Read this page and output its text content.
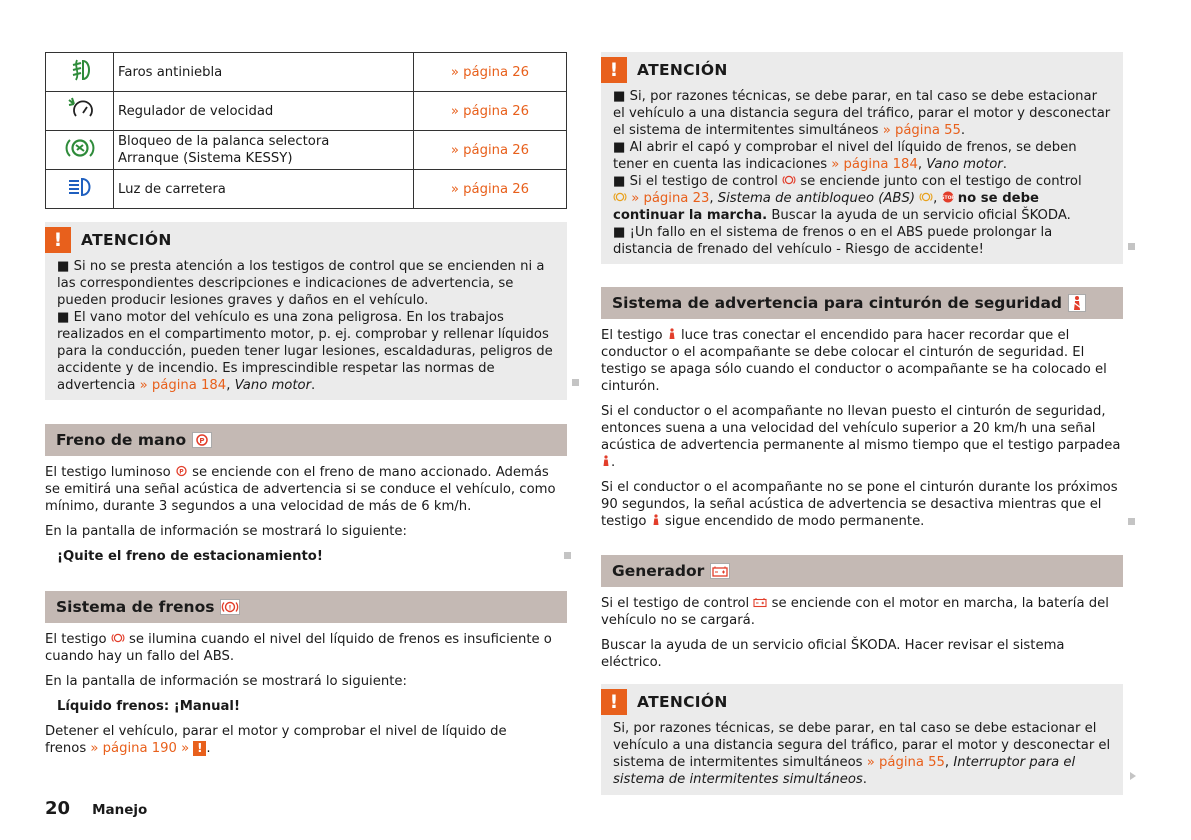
	Faros antiniebla	» página 26
	Regulador de velocidad	» página 26

Bloqueo de la palanca selectora
Arranque (Sistema KESSY)	» página 26
	Luz de carretera	» página 26
!	ATENCIÓN

■ Si no se presta atención a los testigos de control que se encienden ni a las correspondientes descripciones e indicaciones de advertencia, se pueden producir lesiones graves y daños en el vehículo.

■ El vano motor del vehículo es una zona peligrosa. En los trabajos realizados en el compartimento motor, p. ej. comprobar y rellenar líquidos para la conducción, pueden tener lugar lesiones, escaldaduras, peligros de accidente y de incendio. Es imprescindible respetar las normas de advertencia » página 184, Vano motor.

Freno de mano P

El testigo luminoso P se enciende con el freno de mano accionado. Además se emitirá una señal acústica de advertencia si se conduce el vehículo, como mínimo, durante 3 segundos a una velocidad de más de 6 km/h.

En la pantalla de información se mostrará lo siguiente:

¡Quite el freno de estacionamiento!

Sistema de frenos !

El testigo  se ilumina cuando el nivel del líquido de frenos es insuficiente o cuando hay un fallo del ABS.

En la pantalla de información se mostrará lo siguiente:

Líquido frenos: ¡Manual!

Detener el vehículo, parar el motor y comprobar el nivel de líquido de frenos » página 190 » ! .

!	ATENCIÓN

■ Si, por razones técnicas, se debe parar, en tal caso se debe estacionar el vehículo a una distancia segura del tráfico, parar el motor y desconectar el sistema de intermitentes simultáneos » página 55.

■ Al abrir el capó y comprobar el nivel del líquido de frenos, se deben tener en cuenta las indicaciones » página 184, Vano motor.

■ Si el testigo de control  se enciende junto con el testigo de control
» página 23, Sistema de antibloqueo (ABS) , STOP no se debe continuar la marcha. Buscar la ayuda de un servicio oficial ŠKODA.

■ ¡Un fallo en el sistema de frenos o en el ABS puede prolongar la distancia de frenado del vehículo - Riesgo de accidente!

Sistema de advertencia para cinturón de seguridad

El testigo  luce tras conectar el encendido para hacer recordar que el conductor o el acompañante se debe colocar el cinturón de seguridad. El testigo se apaga sólo cuando el conductor o acompañante se ha colocado el cinturón.

Si el conductor o el acompañante no llevan puesto el cinturón de seguridad, entonces suena a una velocidad del vehículo superior a 20 km/h una señal acústica de advertencia permanente al mismo tiempo que el testigo parpadea .

Si el conductor o el acompañante no se pone el cinturón durante los próximos 90 segundos, la señal acústica de advertencia se desactiva mientras que el testigo  sigue encendido de modo permanente.

Generador

Si el testigo de control  se enciende con el motor en marcha, la batería del vehículo no se cargará.

Buscar la ayuda de un servicio oficial ŠKODA. Hacer revisar el sistema eléctrico.

!	ATENCIÓN

Si, por razones técnicas, se debe parar, en tal caso se debe estacionar el vehículo a una distancia segura del tráfico, parar el motor y desconectar el sistema de intermitentes simultáneos » página 55, Interruptor para el sistema de intermitentes simultáneos.

20 Manejo
